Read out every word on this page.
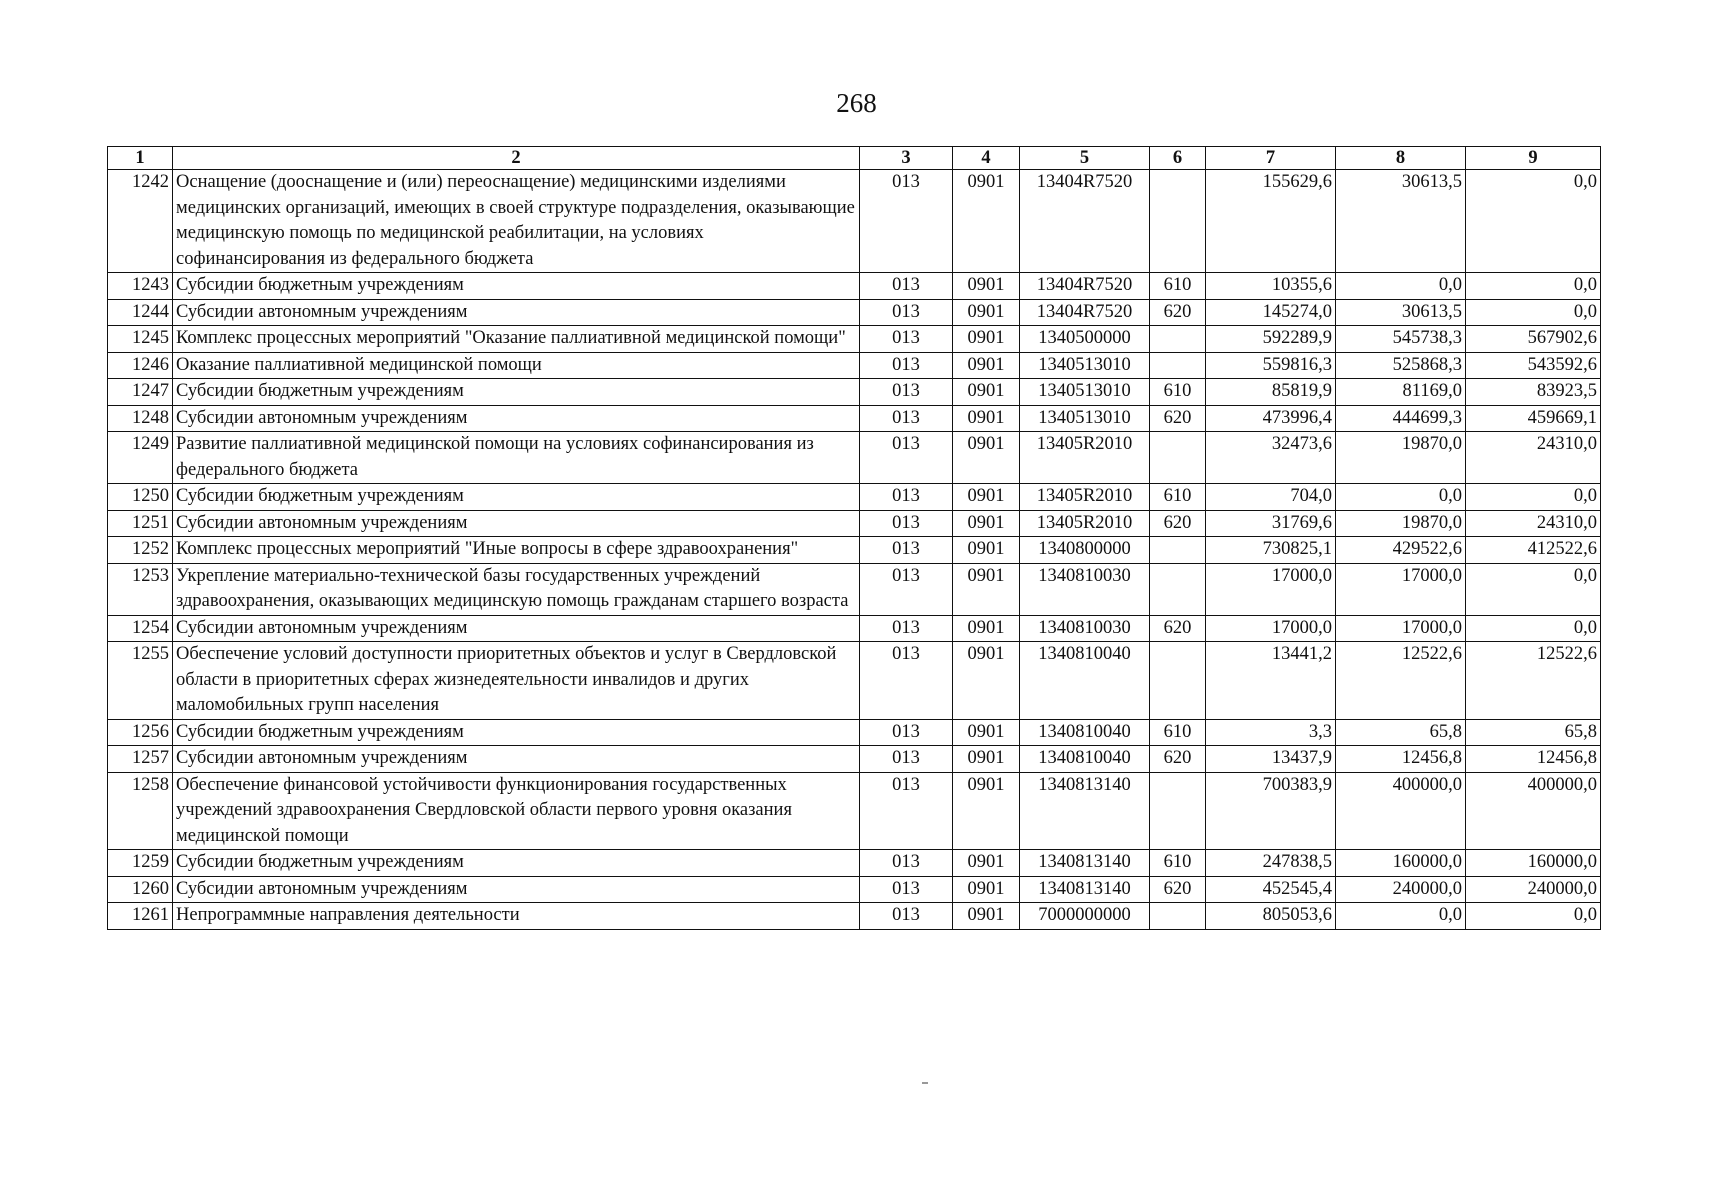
268
1	2	3	4	5	6	7	8	9
1242	Оснащение (дооснащение и (или) переоснащение) медицинскими изделиями медицинских организаций, имеющих в своей структуре подразделения, оказывающие медицинскую помощь по медицинской реабилитации, на условиях софинансирования из федерального бюджета	013	0901	13404R7520		155629,6	30613,5	0,0
1243	Субсидии бюджетным учреждениям	013	0901	13404R7520	610	10355,6	0,0	0,0
1244	Субсидии автономным учреждениям	013	0901	13404R7520	620	145274,0	30613,5	0,0
1245	Комплекс процессных мероприятий "Оказание паллиативной медицинской помощи"	013	0901	1340500000		592289,9	545738,3	567902,6
1246	Оказание паллиативной медицинской помощи	013	0901	1340513010		559816,3	525868,3	543592,6
1247	Субсидии бюджетным учреждениям	013	0901	1340513010	610	85819,9	81169,0	83923,5
1248	Субсидии автономным учреждениям	013	0901	1340513010	620	473996,4	444699,3	459669,1
1249	Развитие паллиативной медицинской помощи на условиях софинансирования из федерального бюджета	013	0901	13405R2010		32473,6	19870,0	24310,0
1250	Субсидии бюджетным учреждениям	013	0901	13405R2010	610	704,0	0,0	0,0
1251	Субсидии автономным учреждениям	013	0901	13405R2010	620	31769,6	19870,0	24310,0
1252	Комплекс процессных мероприятий "Иные вопросы в сфере здравоохранения"	013	0901	1340800000		730825,1	429522,6	412522,6
1253	Укрепление материально-технической базы государственных учреждений здравоохранения, оказывающих медицинскую помощь гражданам старшего возраста	013	0901	1340810030		17000,0	17000,0	0,0
1254	Субсидии автономным учреждениям	013	0901	1340810030	620	17000,0	17000,0	0,0
1255	Обеспечение условий доступности приоритетных объектов и услуг в Свердловской области в приоритетных сферах жизнедеятельности инвалидов и других маломобильных групп населения	013	0901	1340810040		13441,2	12522,6	12522,6
1256	Субсидии бюджетным учреждениям	013	0901	1340810040	610	3,3	65,8	65,8
1257	Субсидии автономным учреждениям	013	0901	1340810040	620	13437,9	12456,8	12456,8
1258	Обеспечение финансовой устойчивости функционирования государственных учреждений здравоохранения Свердловской области первого уровня оказания медицинской помощи	013	0901	1340813140		700383,9	400000,0	400000,0
1259	Субсидии бюджетным учреждениям	013	0901	1340813140	610	247838,5	160000,0	160000,0
1260	Субсидии автономным учреждениям	013	0901	1340813140	620	452545,4	240000,0	240000,0
1261	Непрограммные направления деятельности	013	0901	7000000000		805053,6	0,0	0,0
